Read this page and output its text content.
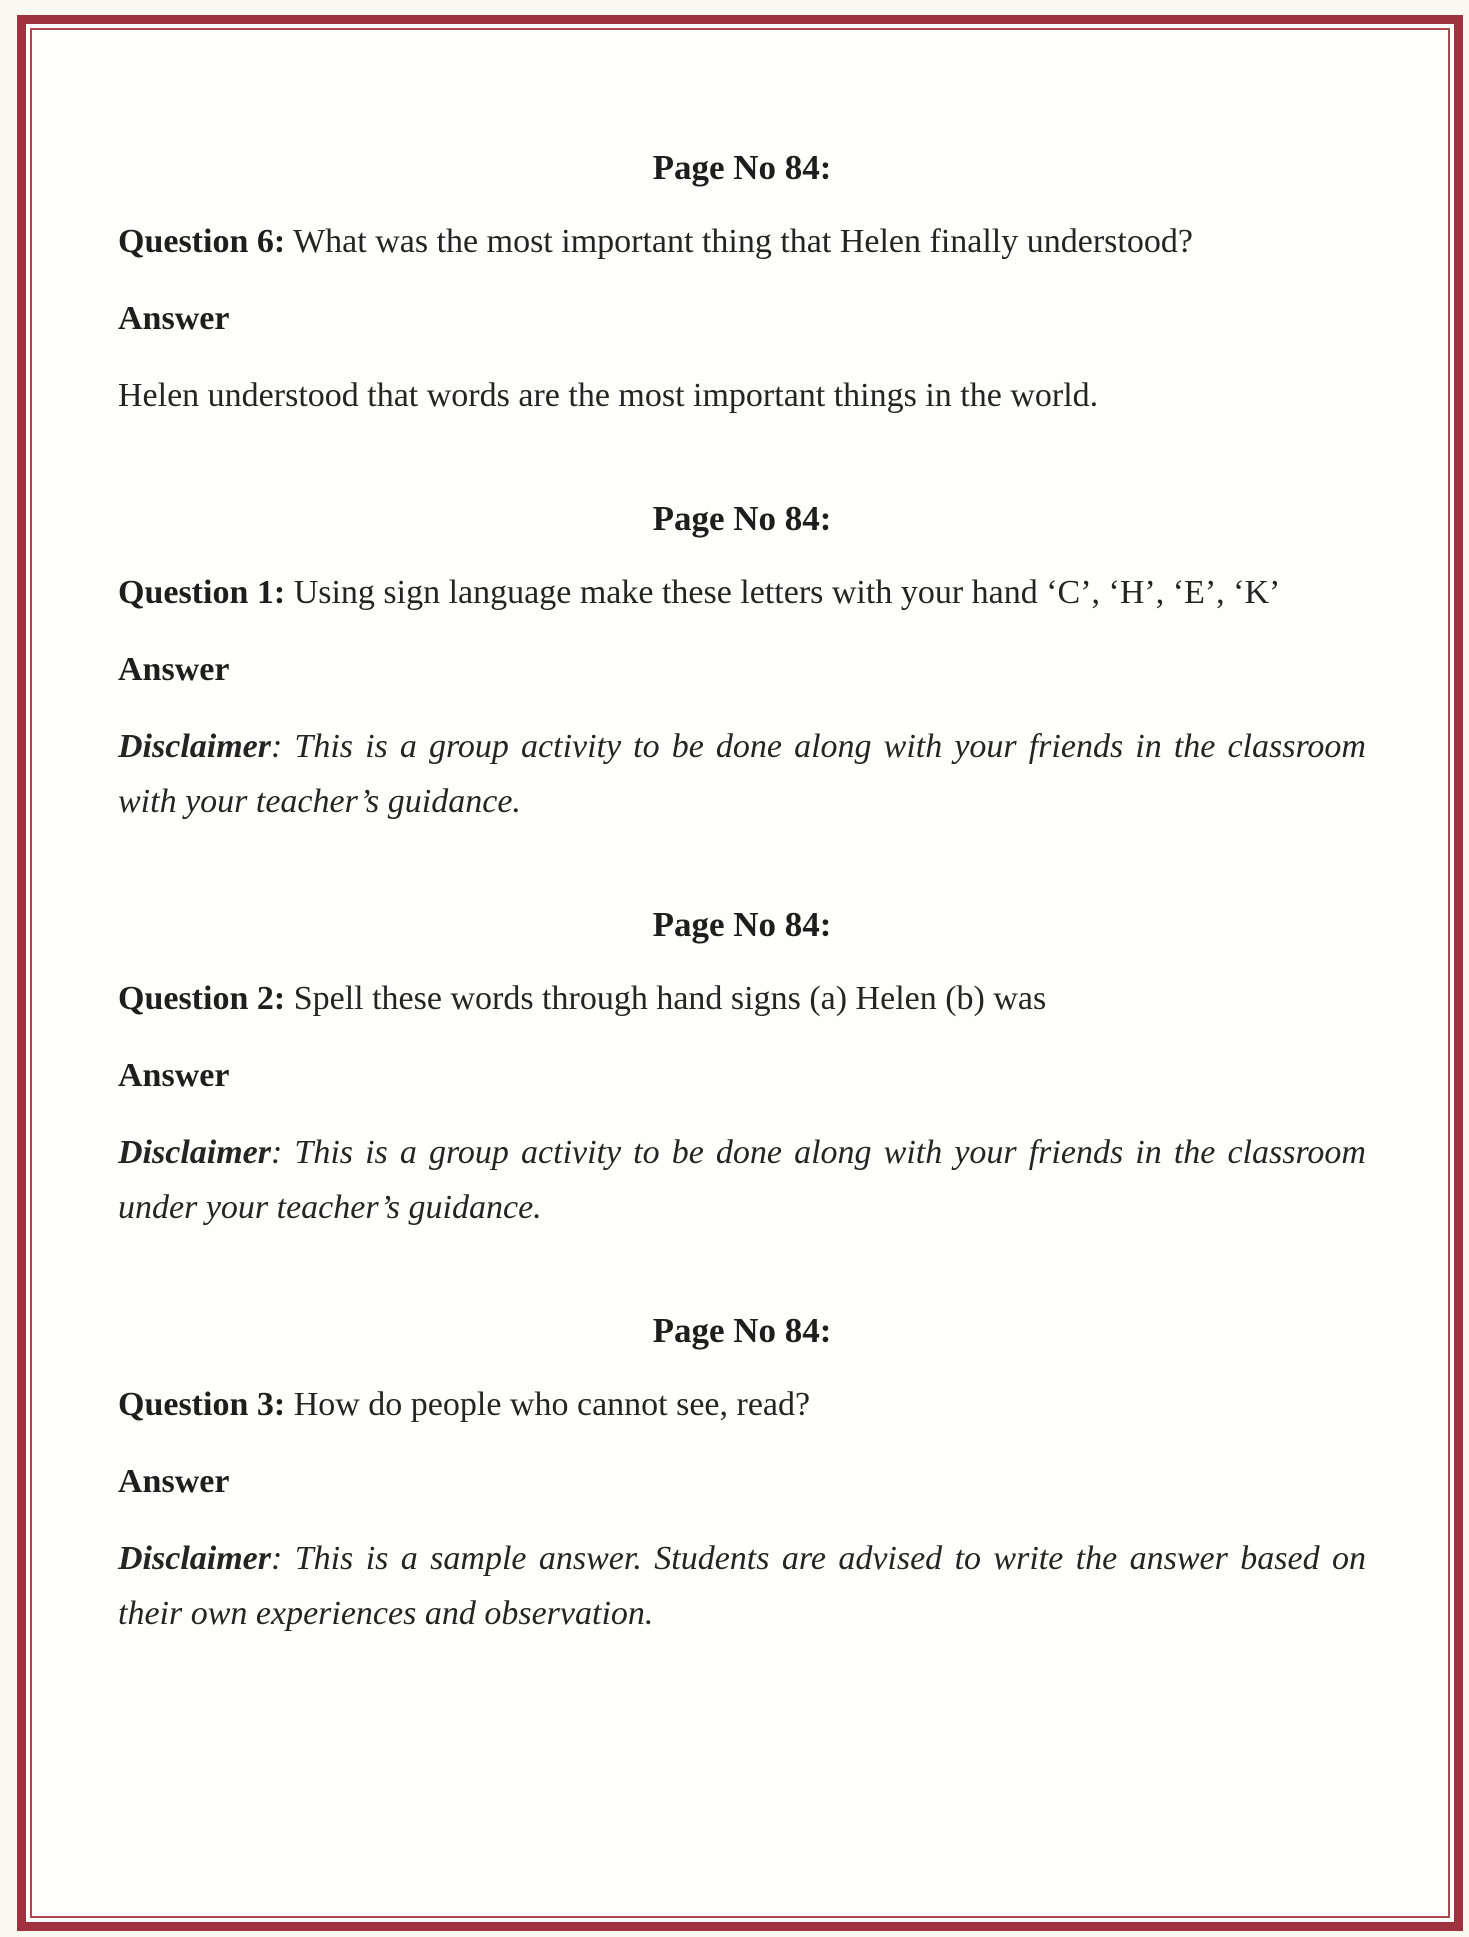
Page No 84:

Question 6: What was the most important thing that Helen finally understood?

Answer

Helen understood that words are the most important things in the world.

Page No 84:

Question 1: Using sign language make these letters with your hand ‘C’, ‘H’, ‘E’, ‘K’

Answer

Disclaimer: This is a group activity to be done along with your friends in the classroom with your teacher’s guidance.

Page No 84:

Question 2: Spell these words through hand signs (a) Helen (b) was

Answer

Disclaimer: This is a group activity to be done along with your friends in the classroom under your teacher’s guidance.

Page No 84:

Question 3: How do people who cannot see, read?

Answer

Disclaimer: This is a sample answer. Students are advised to write the answer based on their own experiences and observation.
